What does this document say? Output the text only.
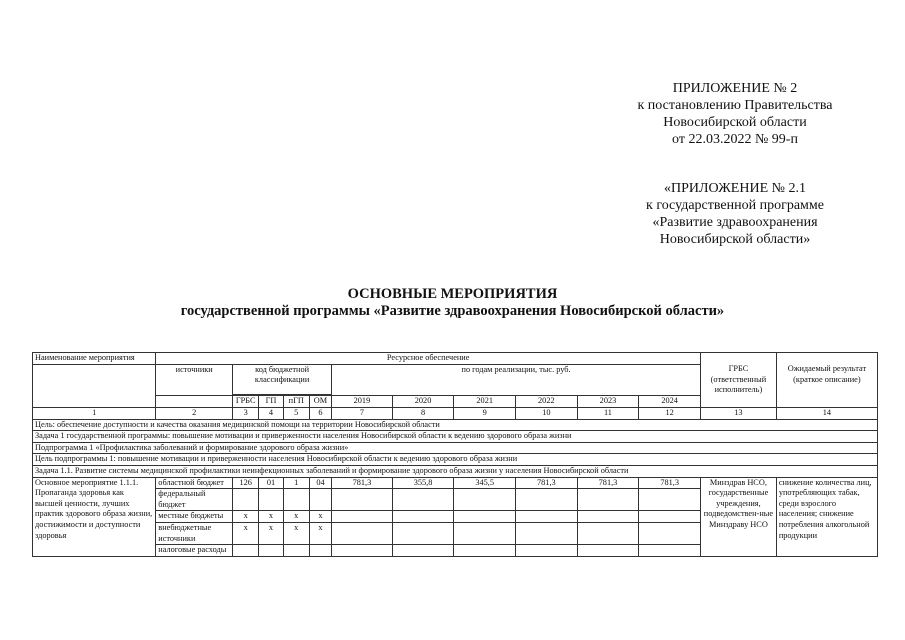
ПРИЛОЖЕНИЕ № 2
к постановлению Правительства
Новосибирской области
от 22.03.2022 № 99-п
«ПРИЛОЖЕНИЕ № 2.1
к государственной программе
«Развитие здравоохранения
Новосибирской области»
ОСНОВНЫЕ МЕРОПРИЯТИЯ
государственной программы «Развитие здравоохранения Новосибирской области»
Наименование мероприятия	Ресурсное обеспечение												
	источники	код бюджетной классификации				по годам реализации, тыс. руб.						ГРБС (ответственный исполнитель)	Ожидаемый результат (краткое описание)

		ГРБС	ГП	пГП	ОМ	2019	2020	2021	2022	2023	2024		
1	2	3	4	5	6	7	8	9	10	11	12	13	14
Цель: обеспечение доступности и качества оказания медицинской помощи на территории Новосибирской области													
Задача 1 государственной программы: повышение мотивации и приверженности населения Новосибирской области к ведению здорового образа жизни													
Подпрограмма 1 «Профилактика заболеваний и формирование здорового образа жизни»													
Цель подпрограммы 1: повышение мотивации и приверженности населения Новосибирской области к ведению здорового образа жизни													
Задача 1.1. Развитие системы медицинской профилактики неинфекционных заболеваний и формирование здорового образа жизни у населения Новосибирской области													
Основное мероприятие 1.1.1. Пропаганда здоровья как высшей ценности, лучших практик здорового образа жизни, достижимости и доступности здоровья	областной бюджет	126	01	1	04	781,3	355,8	345,5	781,3	781,3	781,3	Минздрав НСО, государственные учреждения, подведомствен-ные Минздраву НСО	снижение количества лиц, употребляющих табак, среди взрослого населения; снижение потребления алкогольной продукции
	федеральный бюджет												
	местные бюджеты	x	x	x	x								
	внебюджетные источники	x	x	x	x								
	налоговые расходы												
